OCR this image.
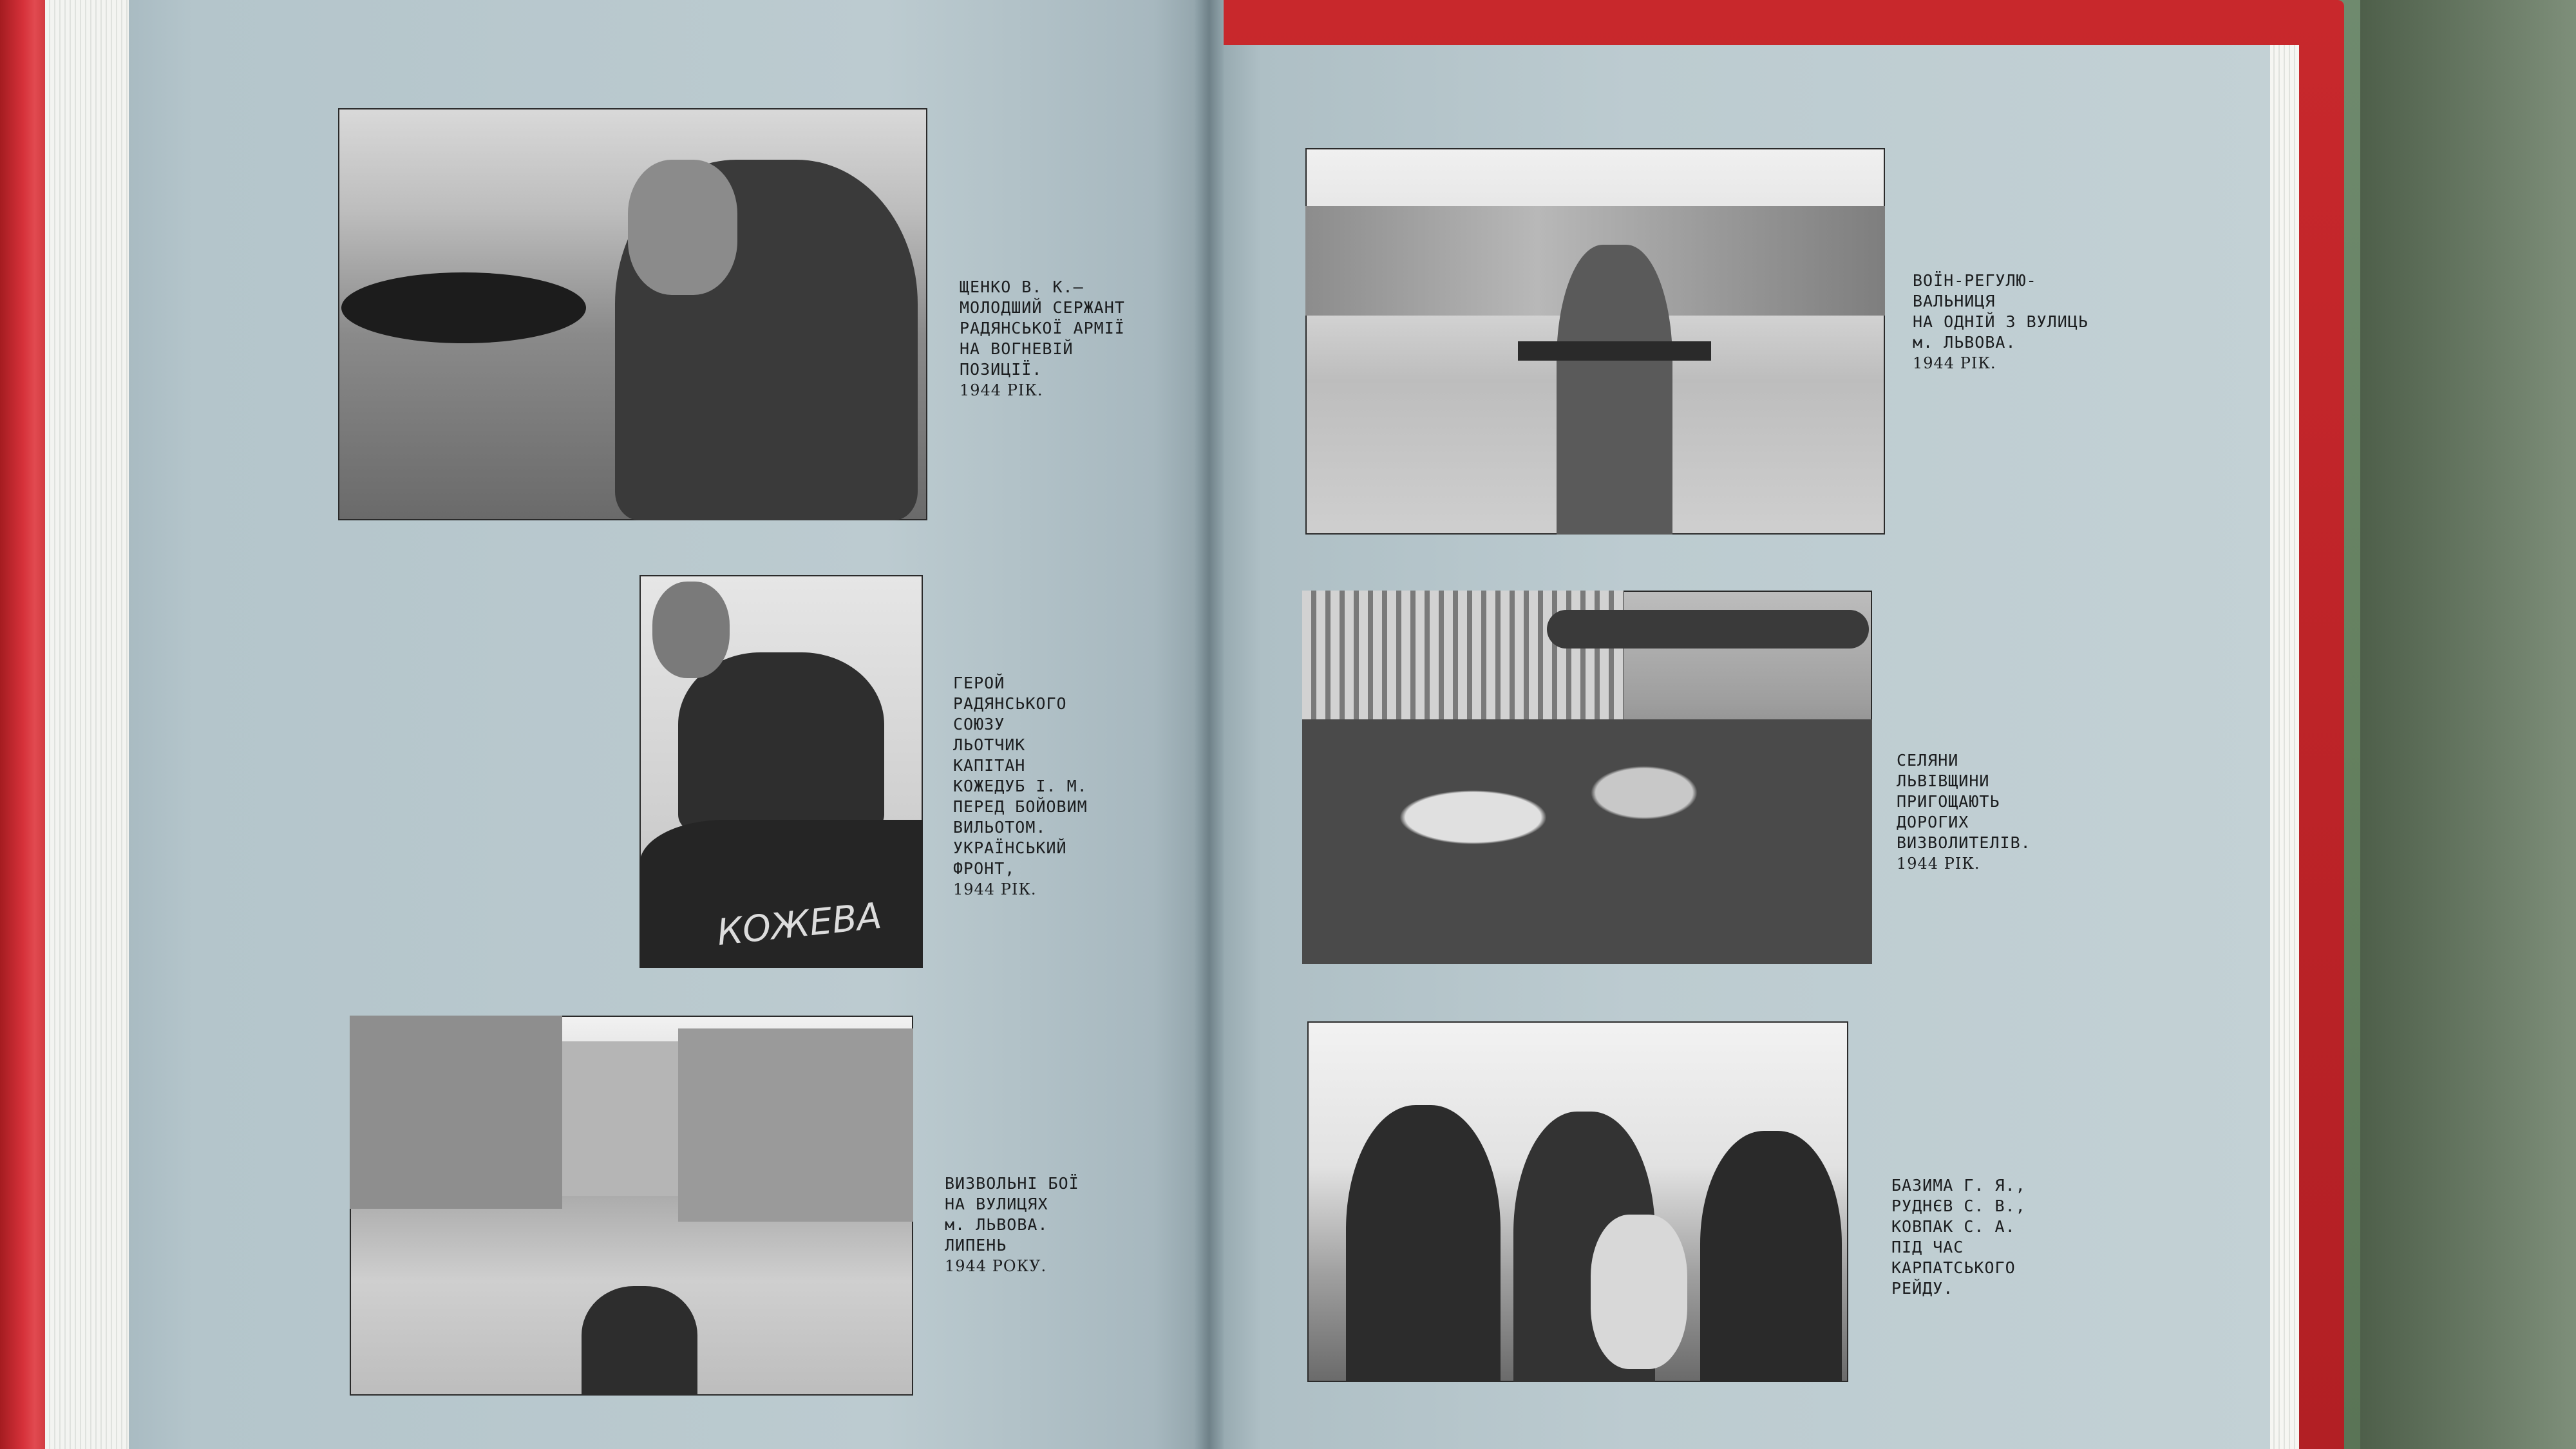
КОЖЕВА

ЩЕНКО В. К.—
МОЛОДШИЙ СЕРЖАНТ
РАДЯНСЬКОЇ АРМІЇ
НА ВОГНЕВІЙ
ПОЗИЦІЇ.

1944 РІК.

ГЕРОЙ
РАДЯНСЬКОГО
СОЮЗУ
ЛЬОТЧИК
КАПІТАН
КОЖЕДУБ І. М.
ПЕРЕД БОЙОВИМ
ВИЛЬОТОМ.
УКРАЇНСЬКИЙ
ФРОНТ,

1944 РІК.

ВИЗВОЛЬНІ БОЇ
НА ВУЛИЦЯХ
м. ЛЬВОВА.
ЛИПЕНЬ

1944 РОКУ.

ВОЇН-РЕГУЛЮ-
ВАЛЬНИЦЯ
НА ОДНІЙ З ВУЛИЦЬ
м. ЛЬВОВА.

1944 РІК.

СЕЛЯНИ
ЛЬВІВЩИНИ
ПРИГОЩАЮТЬ
ДОРОГИХ
ВИЗВОЛИТЕЛІВ.

1944 РІК.

БАЗИМА Г. Я.,
РУДНЄВ С. В.,
КОВПАК С. А.
ПІД ЧАС
КАРПАТСЬКОГО
РЕЙДУ.
